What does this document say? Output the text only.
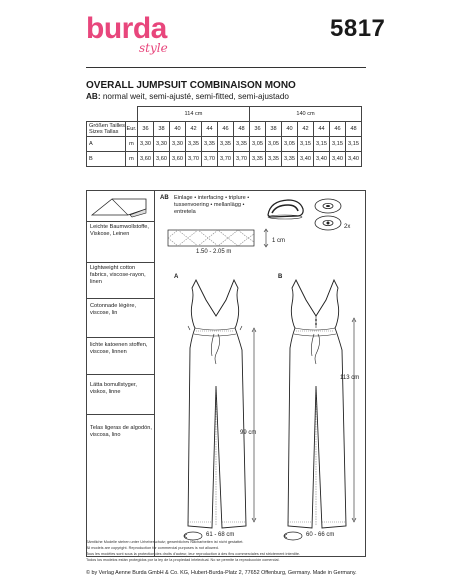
burda
style
5817
OVERALL JUMPSUIT COMBINAISON MONO
AB: normal weit, semi-ajusté, semi-fitted, semi-ajustado
		114 cm							140 cm						

Größen Tailles
Sizes Tallas	Eur.	36	38	40	42	44	46	48	36	38	40	42	44	46	48
A	m	3,30	3,30	3,30	3,35	3,35	3,35	3,35	3,05	3,05	3,05	3,15	3,15	3,15	3,15
B	m	3,60	3,60	3,60	3,70	3,70	3,70	3,70	3,35	3,35	3,35	3,40	3,40	3,40	3,40
Leichte Baumwollstoffe, Viskose, Leinen
Lightweight cotton fabrics, viscose-rayon, linen
Cotonnade légère, viscose, lin
lichte katoenen stoffen, viscose, linnen
Lätta bomullstyger, viskos, linne
Telas ligeras de algodón, viscosa, lino
AB Einlage • interfacing • triplure • tussenvoering • mellanlägg • entretela
2x
1 cm
1.50 - 2.05 m
A
99 cm
61 - 68 cm
B
113 cm
60 - 66 cm
Sämtliche Modelle stehen unter Urheberschutz; gewerbliches Nacharbeiten ist nicht gestattet.
All models are copyright. Reproduction for commercial purposes is not allowed.
Tous les modèles sont sous la protection des droits d'auteur, leur reproduction à des fins commerciales est strictement interdite.
Todos los modelos están protegidos por la ley de la propiedad intelectual. No se permite la reproducción comercial.
© by Verlag Aenne Burda GmbH & Co. KG, Hubert-Burda-Platz 2, 77652 Offenburg, Germany. Made in Germany.
